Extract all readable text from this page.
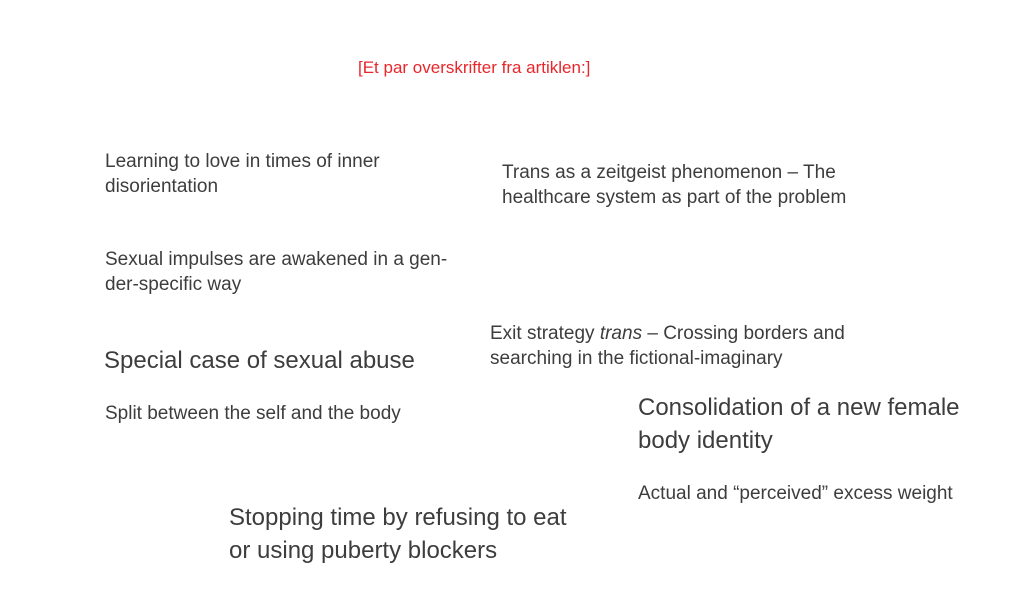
[Et par overskrifter fra artiklen:]
Learning to love in times of inner
disorientation
Trans as a zeitgeist phenomenon – The
healthcare system as part of the problem
Sexual impulses are awakened in a gen-
der-specific way
Exit strategy trans – Crossing borders and
searching in the fictional-imaginary
Special case of sexual abuse
Split between the self and the body	Consolidation of a new female
body identity
Actual and “perceived” excess weight
Stopping time by refusing to eat
or using puberty blockers
